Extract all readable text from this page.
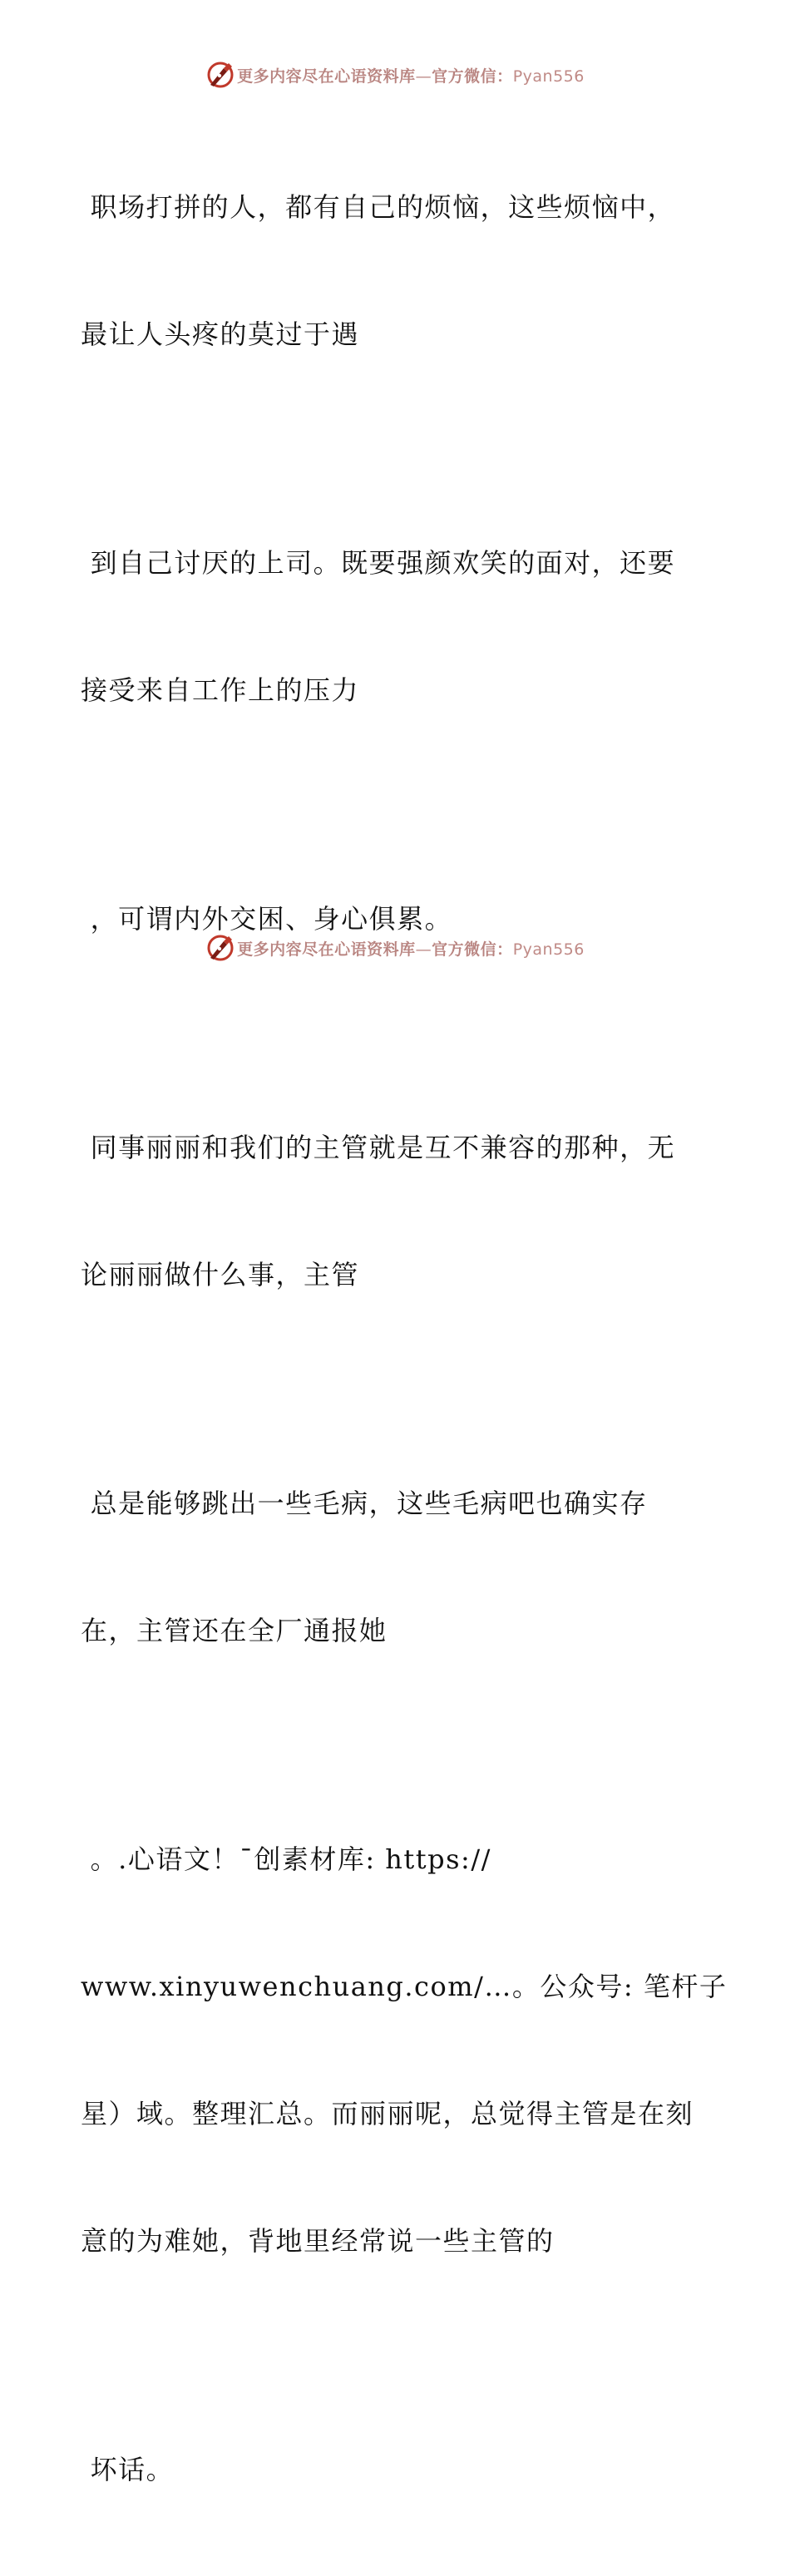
更多内容尽在心语资料库—官方微信：Pyan556

职场打拼的人，都有自己的烦恼，这些烦恼中，

最让人头疼的莫过于遇

到自己讨厌的上司。既要强颜欢笑的面对，还要

接受来自工作上的压力

，可谓内外交困、身心俱累。

同事丽丽和我们的主管就是互不兼容的那种，无

论丽丽做什么事，主管

总是能够跳出一些毛病，这些毛病吧也确实存

在，主管还在全厂通报她

。.心语文！¯创素材库: https://

www.xinyuwenchuang.com/…。公众号: 笔杆子

星）域。整理汇总。而丽丽呢，总觉得主管是在刻

意的为难她，背地里经常说一些主管的

坏话。

更多内容尽在心语资料库—官方微信：Pyan556
